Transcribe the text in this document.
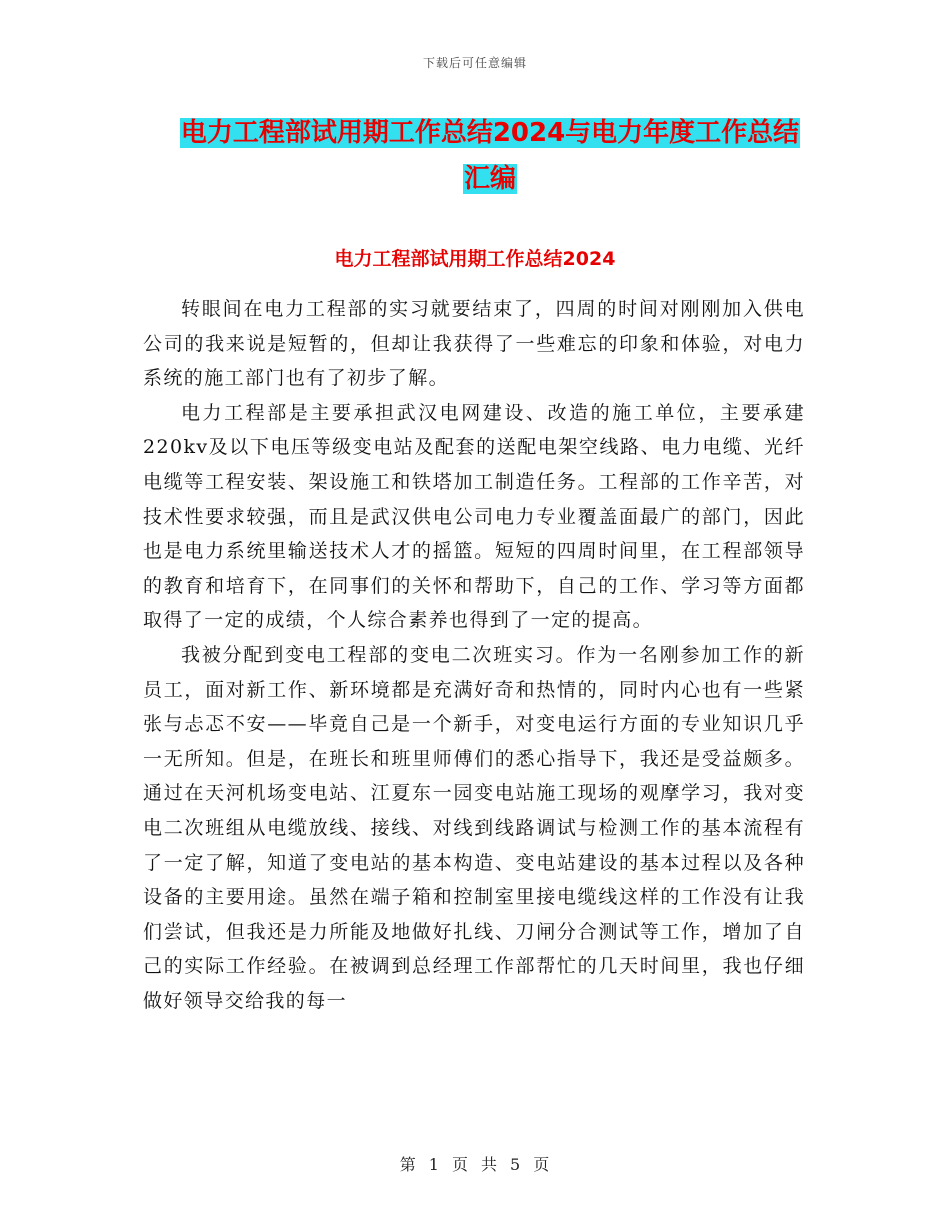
下载后可任意编辑
电力工程部试用期工作总结2024与电力年度工作总结
汇编
电力工程部试用期工作总结2024

转眼间在电力工程部的实习就要结束了，四周的时间对刚刚加入供电公司的我来说是短暂的，但却让我获得了一些难忘的印象和体验，对电力系统的施工部门也有了初步了解。

电力工程部是主要承担武汉电网建设、改造的施工单位，主要承建220kv及以下电压等级变电站及配套的送配电架空线路、电力电缆、光纤电缆等工程安装、架设施工和铁塔加工制造任务。工程部的工作辛苦，对技术性要求较强，而且是武汉供电公司电力专业覆盖面最广的部门，因此也是电力系统里输送技术人才的摇篮。短短的四周时间里，在工程部领导的教育和培育下，在同事们的关怀和帮助下，自己的工作、学习等方面都取得了一定的成绩，个人综合素养也得到了一定的提高。

我被分配到变电工程部的变电二次班实习。作为一名刚参加工作的新员工，面对新工作、新环境都是充满好奇和热情的，同时内心也有一些紧张与忐忑不安——毕竟自己是一个新手，对变电运行方面的专业知识几乎一无所知。但是，在班长和班里师傅们的悉心指导下，我还是受益颇多。通过在天河机场变电站、江夏东一园变电站施工现场的观摩学习，我对变电二次班组从电缆放线、接线、对线到线路调试与检测工作的基本流程有了一定了解，知道了变电站的基本构造、变电站建设的基本过程以及各种设备的主要用途。虽然在端子箱和控制室里接电缆线这样的工作没有让我们尝试，但我还是力所能及地做好扎线、刀闸分合测试等工作，增加了自己的实际工作经验。在被调到总经理工作部帮忙的几天时间里，我也仔细做好领导交给我的每一

第 1 页 共 5 页
